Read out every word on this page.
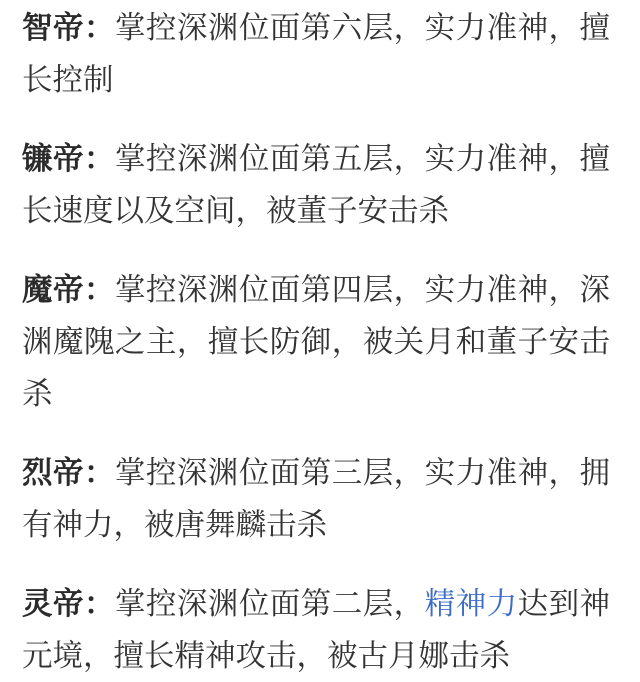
智帝：掌控深渊位面第六层，实力准神，擅长控制

镰帝：掌控深渊位面第五层，实力准神，擅长速度以及空间，被董子安击杀

魔帝：掌控深渊位面第四层，实力准神，深渊魔隗之主，擅长防御，被关月和董子安击杀

烈帝：掌控深渊位面第三层，实力准神，拥有神力，被唐舞麟击杀

灵帝：掌控深渊位面第二层，精神力达到神元境，擅长精神攻击，被古月娜击杀
